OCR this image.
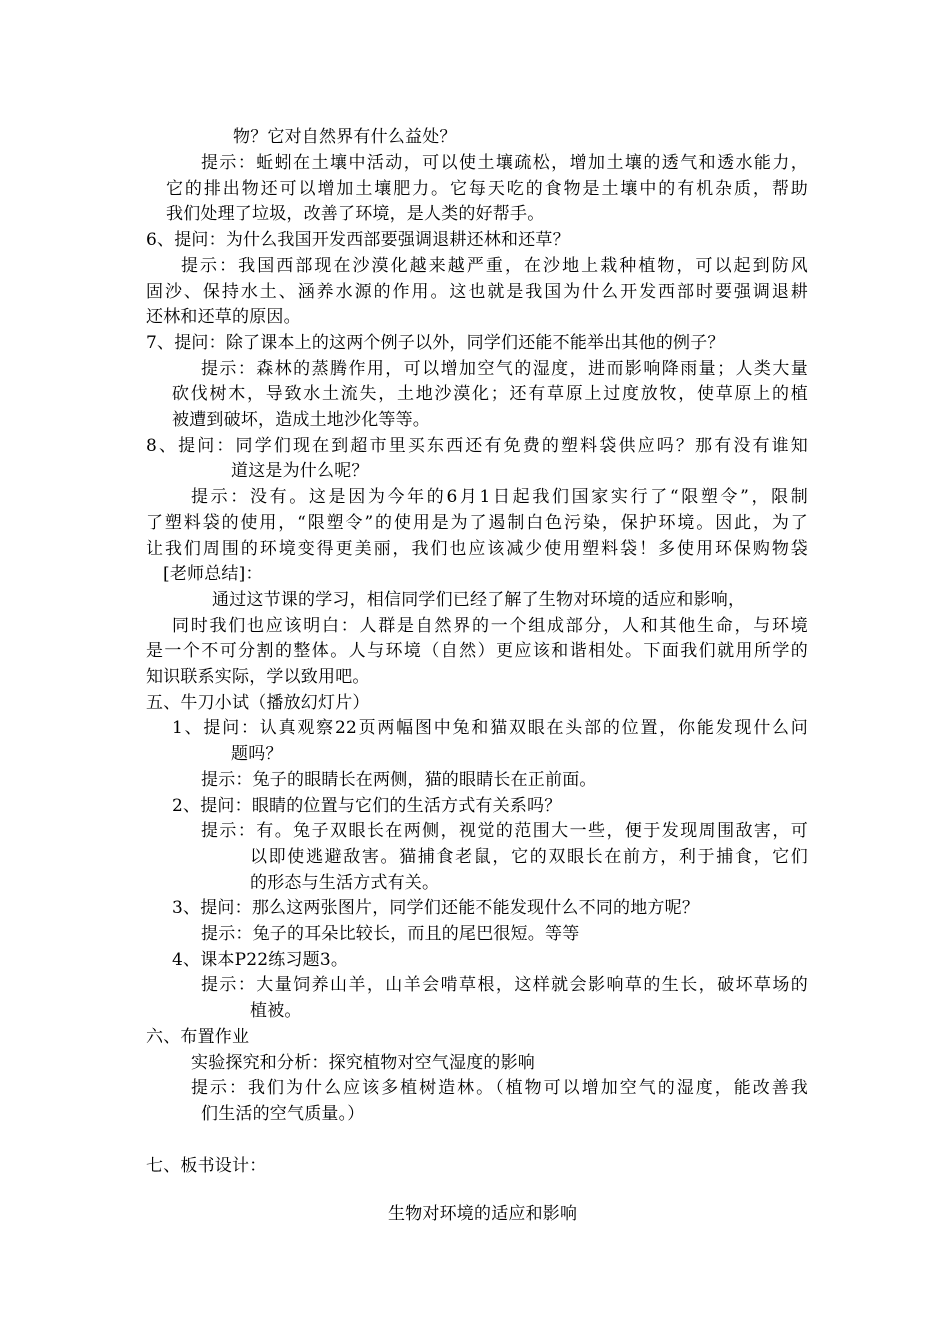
物？它对自然界有什么益处？
提示：蚯蚓在土壤中活动，可以使土壤疏松，增加土壤的透气和透水能力，
它的排出物还可以增加土壤肥力。它每天吃的食物是土壤中的有机杂质，帮助
我们处理了垃圾，改善了环境，是人类的好帮手。
6、提问：为什么我国开发西部要强调退耕还林和还草？
提示：我国西部现在沙漠化越来越严重，在沙地上栽种植物，可以起到防风
固沙、保持水土、涵养水源的作用。这也就是我国为什么开发西部时要强调退耕
还林和还草的原因。
7、提问：除了课本上的这两个例子以外，同学们还能不能举出其他的例子？
提示：森林的蒸腾作用，可以增加空气的湿度，进而影响降雨量；人类大量
砍伐树木，导致水土流失，土地沙漠化；还有草原上过度放牧，使草原上的植
被遭到破坏，造成土地沙化等等。
8、提问：同学们现在到超市里买东西还有免费的塑料袋供应吗？那有没有谁知
道这是为什么呢？
提示：没有。这是因为今年的6月1日起我们国家实行了“限塑令”，限制
了塑料袋的使用，“限塑令”的使用是为了遏制白色污染，保护环境。因此，为了
让我们周围的环境变得更美丽，我们也应该减少使用塑料袋！多使用环保购物袋
[老师总结]：
通过这节课的学习，相信同学们已经了解了生物对环境的适应和影响，
同时我们也应该明白：人群是自然界的一个组成部分，人和其他生命，与环境
是一个不可分割的整体。人与环境（自然）更应该和谐相处。下面我们就用所学的
知识联系实际，学以致用吧。
五、牛刀小试（播放幻灯片）
1、提问：认真观察22页两幅图中兔和猫双眼在头部的位置，你能发现什么问
题吗？
提示：兔子的眼睛长在两侧，猫的眼睛长在正前面。
2、提问：眼睛的位置与它们的生活方式有关系吗？
提示：有。兔子双眼长在两侧，视觉的范围大一些，便于发现周围敌害，可
以即使逃避敌害。猫捕食老鼠，它的双眼长在前方，利于捕食，它们
的形态与生活方式有关。
3、提问：那么这两张图片，同学们还能不能发现什么不同的地方呢？
提示：兔子的耳朵比较长，而且的尾巴很短。等等
4、课本P22练习题3。
提示：大量饲养山羊，山羊会啃草根，这样就会影响草的生长，破坏草场的
植被。
六、布置作业
实验探究和分析：探究植物对空气湿度的影响
提示：我们为什么应该多植树造林。（植物可以增加空气的湿度，能改善我
们生活的空气质量。）
七、板书设计：
生物对环境的适应和影响
